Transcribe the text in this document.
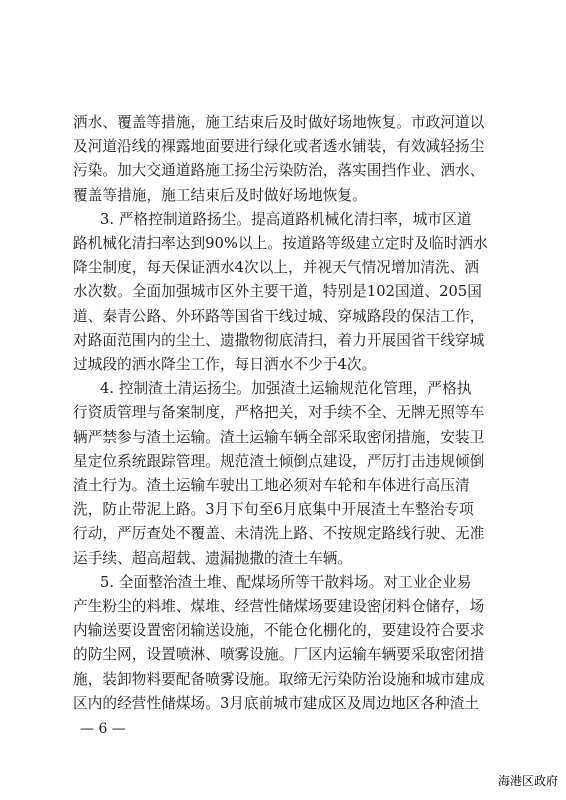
洒水、覆盖等措施，施工结束后及时做好场地恢复。市政河道以
及河道沿线的裸露地面要进行绿化或者透水铺装，有效减轻扬尘
污染。加大交通道路施工扬尘污染防治，落实围挡作业、洒水、
覆盖等措施，施工结束后及时做好场地恢复。
3. 严格控制道路扬尘。提高道路机械化清扫率，城市区道
路机械化清扫率达到90%以上。按道路等级建立定时及临时洒水
降尘制度，每天保证洒水4次以上，并视天气情况增加清洗、洒
水次数。全面加强城市区外主要干道，特别是102国道、205国
道、秦青公路、外环路等国省干线过城、穿城路段的保洁工作，
对路面范围内的尘土、遗撒物彻底清扫，着力开展国省干线穿城
过城段的洒水降尘工作，每日洒水不少于4次。
4. 控制渣土清运扬尘。加强渣土运输规范化管理，严格执
行资质管理与备案制度，严格把关，对手续不全、无牌无照等车
辆严禁参与渣土运输。渣土运输车辆全部采取密闭措施，安装卫
星定位系统跟踪管理。规范渣土倾倒点建设，严厉打击违规倾倒
渣土行为。渣土运输车驶出工地必须对车轮和车体进行高压清
洗，防止带泥上路。3月下旬至6月底集中开展渣土车整治专项
行动，严厉查处不覆盖、未清洗上路、不按规定路线行驶、无准
运手续、超高超载、遗漏抛撒的渣土车辆。
5. 全面整治渣土堆、配煤场所等干散料场。对工业企业易
产生粉尘的料堆、煤堆、经营性储煤场要建设密闭料仓储存，场
内输送要设置密闭输送设施，不能仓化棚化的，要建设符合要求
的防尘网，设置喷淋、喷雾设施。厂区内运输车辆要采取密闭措
施，装卸物料要配备喷雾设施。取缔无污染防治设施和城市建成
区内的经营性储煤场。3月底前城市建成区及周边地区各种渣土
— 6 —
海港区政府
